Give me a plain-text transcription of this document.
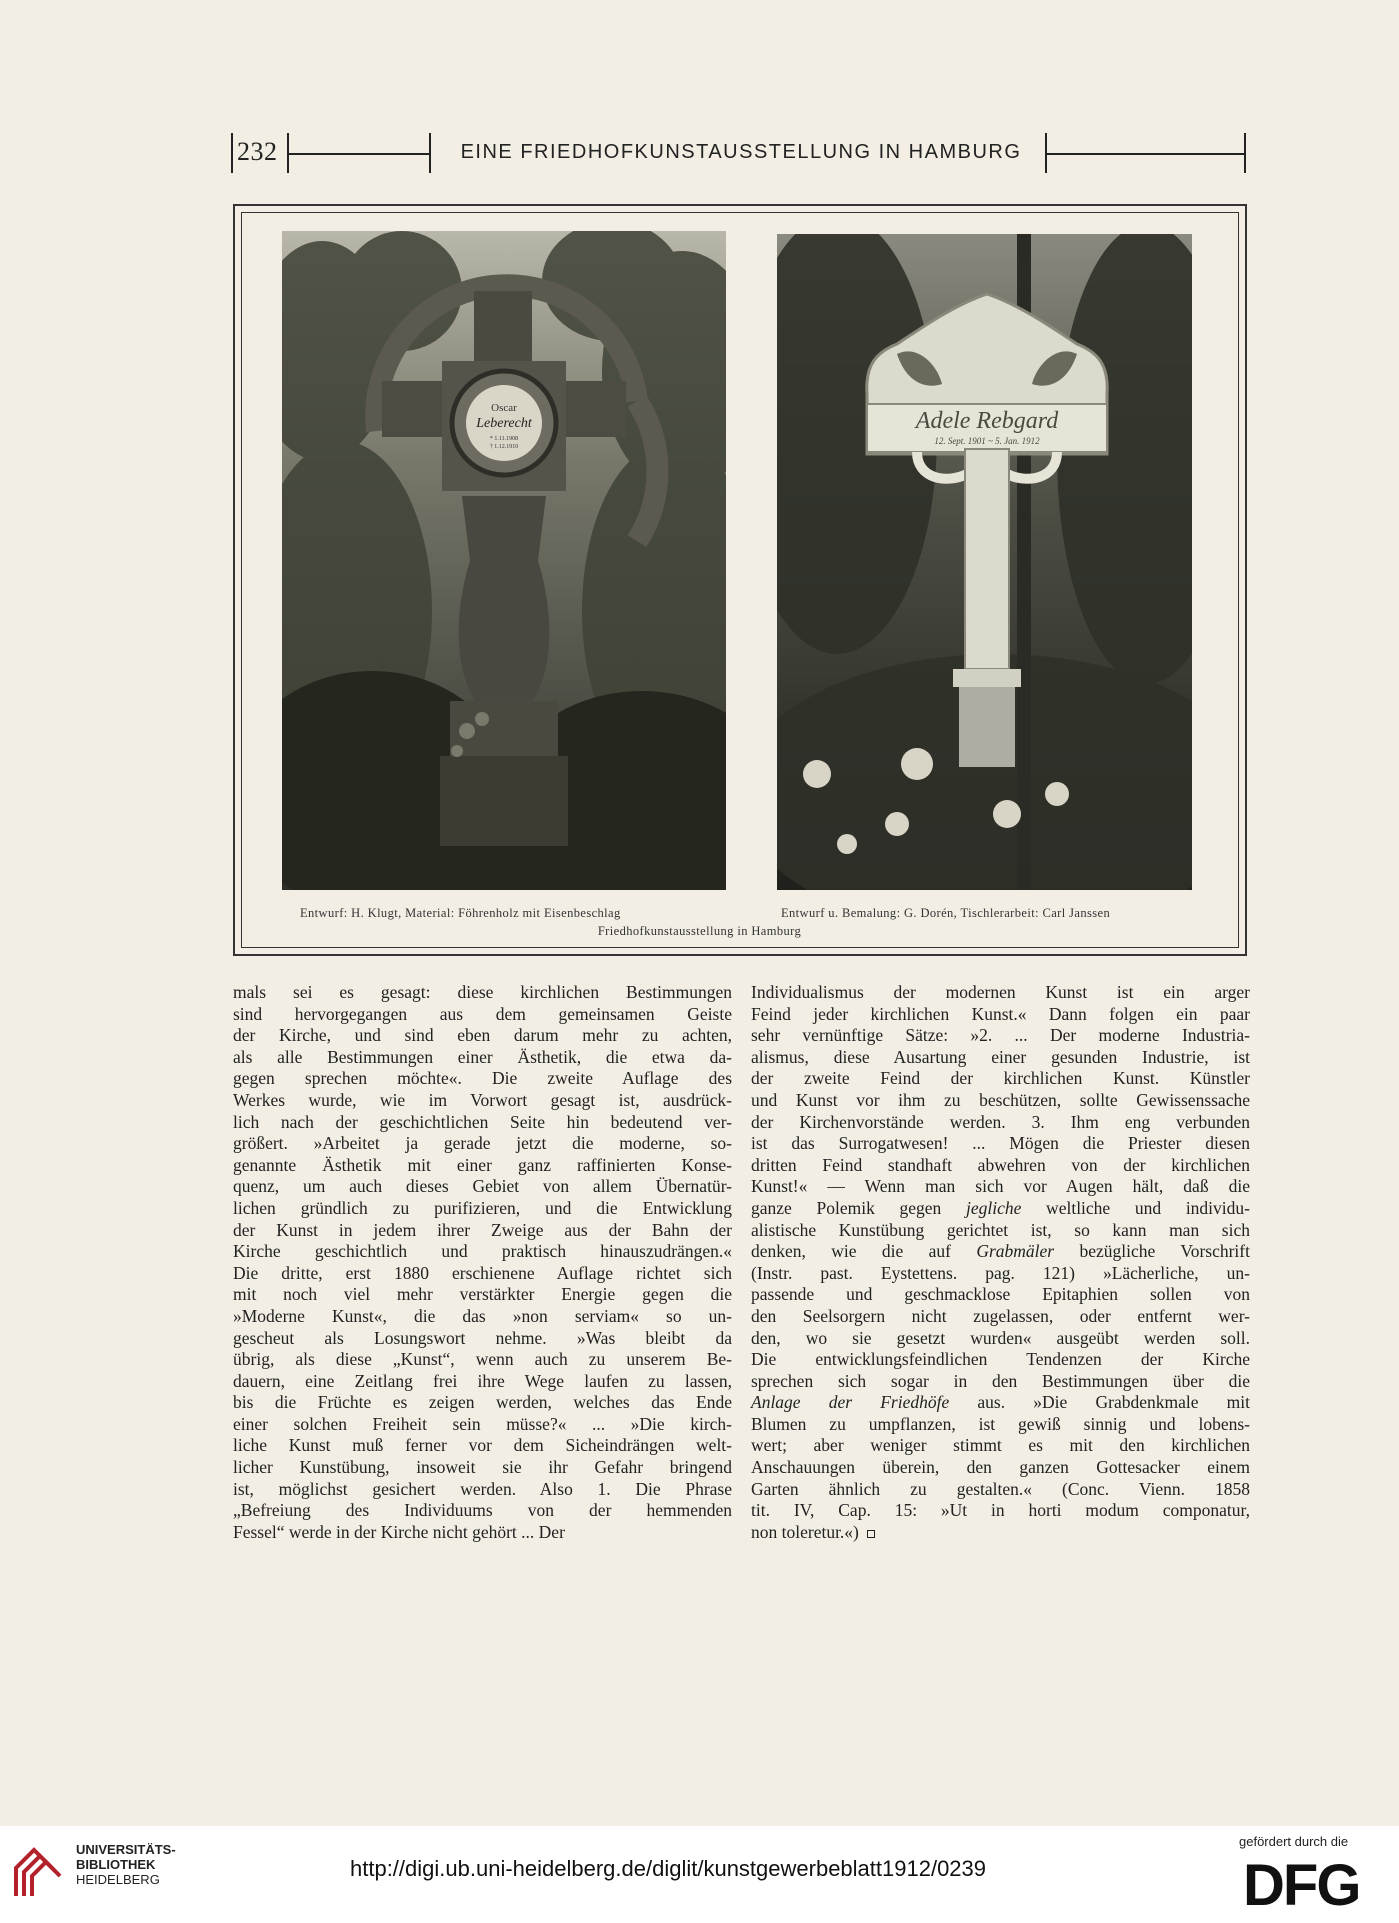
232	EINE FRIEDHOFKUNSTAUSSTELLUNG IN HAMBURG
Oscar
Leberecht
* 1.11.1908
† 1.12.1910
Adele Rebgard
12. Sept. 1901 ~ 5. Jan. 1912
Entwurf: H. Klugt, Material: Föhrenholz mit Eisenbeschlag	Entwurf u. Bemalung: G. Dorén, Tischlerarbeit: Carl Janssen
Friedhofkunstausstellung in Hamburg
mals sei es gesagt: diese kirchlichen Bestimmungen
sind hervorgegangen aus dem gemeinsamen Geiste
der Kirche, und sind eben darum mehr zu achten,
als alle Bestimmungen einer Ästhetik, die etwa da-
gegen sprechen möchte«. Die zweite Auflage des
Werkes wurde, wie im Vorwort gesagt ist, ausdrück-
lich nach der geschichtlichen Seite hin bedeutend ver-
größert. »Arbeitet ja gerade jetzt die moderne, so-
genannte Ästhetik mit einer ganz raffinierten Konse-
quenz, um auch dieses Gebiet von allem Übernatür-
lichen gründlich zu purifizieren, und die Entwicklung
der Kunst in jedem ihrer Zweige aus der Bahn der
Kirche geschichtlich und praktisch hinauszudrängen.«
Die dritte, erst 1880 erschienene Auflage richtet sich
mit noch viel mehr verstärkter Energie gegen die
»Moderne Kunst«, die das »non serviam« so un-
gescheut als Losungswort nehme. »Was bleibt da
übrig, als diese „Kunst“, wenn auch zu unserem Be-
dauern, eine Zeitlang frei ihre Wege laufen zu lassen,
bis die Früchte es zeigen werden, welches das Ende
einer solchen Freiheit sein müsse?« ... »Die kirch-
liche Kunst muß ferner vor dem Sicheindrängen welt-
licher Kunstübung, insoweit sie ihr Gefahr bringend
ist, möglichst gesichert werden. Also 1. Die Phrase
„Befreiung des Individuums von der hemmenden
Fessel“ werde in der Kirche nicht gehört ... Der
Individualismus der modernen Kunst ist ein arger
Feind jeder kirchlichen Kunst.« Dann folgen ein paar
sehr vernünftige Sätze: »2. ... Der moderne Industria-
alismus, diese Ausartung einer gesunden Industrie, ist
der zweite Feind der kirchlichen Kunst. Künstler
und Kunst vor ihm zu beschützen, sollte Gewissenssache
der Kirchenvorstände werden. 3. Ihm eng verbunden
ist das Surrogatwesen! ... Mögen die Priester diesen
dritten Feind standhaft abwehren von der kirchlichen
Kunst!« — Wenn man sich vor Augen hält, daß die
ganze Polemik gegen jegliche weltliche und individu-
alistische Kunstübung gerichtet ist, so kann man sich
denken, wie die auf Grabmäler bezügliche Vorschrift
(Instr. past. Eystettens. pag. 121) »Lächerliche, un-
passende und geschmacklose Epitaphien sollen von
den Seelsorgern nicht zugelassen, oder entfernt wer-
den, wo sie gesetzt wurden« ausgeübt werden soll.
Die entwicklungsfeindlichen Tendenzen der Kirche
sprechen sich sogar in den Bestimmungen über die
Anlage der Friedhöfe aus. »Die Grabdenkmale mit
Blumen zu umpflanzen, ist gewiß sinnig und lobens-
wert; aber weniger stimmt es mit den kirchlichen
Anschauungen überein, den ganzen Gottesacker einem
Garten ähnlich zu gestalten.« (Conc. Vienn. 1858
tit. IV, Cap. 15: »Ut in horti modum componatur,
non toleretur.«)
UNIVERSITÄTS-
BIBLIOTHEK
HEIDELBERG	http://digi.ub.uni-heidelberg.de/diglit/kunstgewerbeblatt1912/0239
gefördert durch die
DFG
